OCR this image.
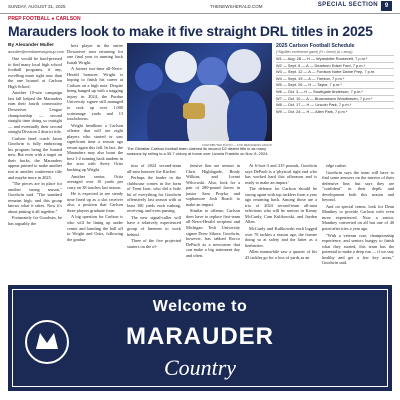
SUNDAY, AUGUST 31, 2025	THENEWSHERALD.COM	SPECIAL SECTION	9
PREP FOOTBALL ● CARLSON
Marauders look to make it five straight DRL titles in 2025
By Alexander Muller
amuller@medianewsgroup.com

One would be hard-pressed to find many local high school football programs, if any, excelling more right now than the one housed at Carlson High School.

Another 10-win campaign last fall helped the Marauders earn their fourth consecutive Downriver League championship — second straight time doing so outright — and eventually their second straight Division 2 district title.

Carlson head coach Jason Goodwin is fully embracing his program being the hunted now. But even with a target on their backs, the Marauders appear primed to make another run at another conference title and maybe more in 2025.

"The pieces are in place for another strong season," Goodwin said. "The standard remains high, and this group knows what it takes. Now it's about putting it all together."

Fortunately for Goodwin, he has arguably the

best player in the entire Downriver area returning for one final year in running back Isaiah Wright.

A former two-time all-News-Herald honoree, Wright is hoping to finish his career at Carlson on a high note. Despite being banged up with a nagging injury in 2024, the Purdue University signee still managed to rack up over 1,000 scrimmage yards and 13 touchdowns.

Wright headlines a Carlson offense that will see eight players who started or saw significant time a season ago return again this fall. In fact, the Marauders may also boast the best 1-2 running back tandem in the area with Avery Ortiz backing up Wright.

Another senior, Ortiz averaged over 10 yards per carry on 38 touches last season.

He is expected to see steady time lined up as a slot receiver also, a position that Carlson three players graduate from.

A big question for Carlson is who will be lining up under center and handing the ball off to Wright and Ortiz, following the gradua-

CONTRIBUTED PHOTO — FOR MEDIANEWS GROUP
The Gibraltar Carlson football team claimed its second D2 district title in as many seasons by rolling to a 35-7 victory at home over Livonia Franklin on Nov. 8, 2024.
2025 Carlson Football Schedule
(*Signifies conference game) (H = home) (A = away)
W1 — Aug. 28 — H — Wyandotte Roosevelt, 7 p.m.*
W2 — Sept. 5 — A — Dearborn Edsel Ford, 7 p.m.*
W3 — Sept. 12 — A — Fordson Notre Dame Prep, 7 p.m.
W4 — Sept. 19 — A — Trenton, 7 p.m.*
W5 — Sept. 26 — H — Taylor, 7 p.m.*
W6 — Oct. 3 — H — Southgate Anderson, 7 p.m.*
W7 — Oct. 10 — A — Brownstown Woodhaven, 7 p.m.*
W8 — Oct. 17 — H — Lincoln Park, 7 p.m.*
W9 — Oct. 24 — H — Allen Park, 7 p.m.*

tion of 2024 second-team all-area honoree Joe Kircher.

Perhaps the leader in the clubhouse comes in the form of Trent Ison, who did a little bit of everything for Goodwin offensively last season with at least 100 yards each rushing, receiving, and even passing.

The new signal-caller will have a relatively experienced group of linemen to work behind.

Three of the five projected starters on the of-

fensive line are seniors in Chris Highlagade, Brady Wilkins, and Jovani Wilcowski. Also, look for a pair of 280-pound forces in junior Sam Pruyka and sophomore Josh Boach to make an impact.

Similar to offense, Carlson does have to replace first-team all-News-Herald recipient and Michigan Tech University signee Drew Sikora. Goodwin, however, has tabbed Rocco DePaoli as a newcomer that can make a big statement day and often.

At 6-foot-3 and 215 pounds, Goodwin says DePaoli is a 'physical tight end who has worked hard this offseason and is ready to make an impact.'

The defense for Carlson should be strong again with top tacklers from a year ago returning back. Among those are a trio of 2024 second-team all-area selections who will be seniors in Kenny McCurdy, Cam Kulikowski, and Jayden Allen.

McCurdy and Kulikowski each logged over 70 tackles a season ago, the former doing so at safety and the latter as a linebacker.

Allen meanwhile saw a quarter of his 43 tackles go for a loss of yards as an

edge rusher.

Goodwin says the team will have to find some answers on the interior of their defensive line, but says they are "confident" in their depth and development both this season and beyond.

And on special teams, look for Dean Manthey to provide Carlson with even more experienced. Now a senior, Manthey converted on all but one of 40 point-after tries a year ago.

"With a veteran core, championship experience, and seniors hungry to finish what they started, this team has the potential to make a deep run — if we stay healthy and get a few key areas," Goodwin said.

Welcome to
MARAUDER
Country
